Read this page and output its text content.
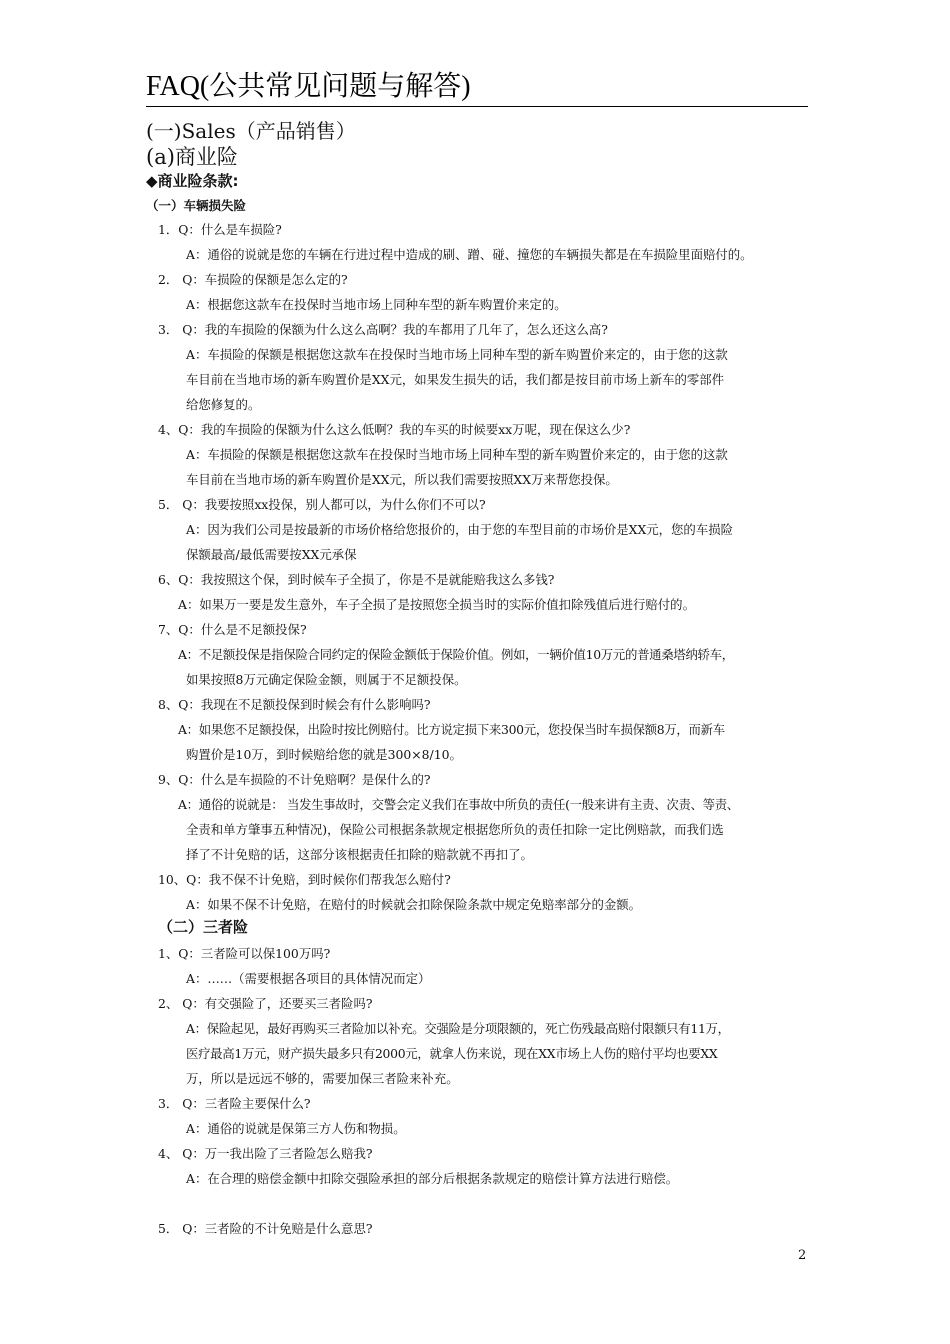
FAQ(公共常见问题与解答)
(一)Sales（产品销售）
(a)商业险
◆商业险条款:
（一）车辆损失险
1．Q：什么是车损险?
A：通俗的说就是您的车辆在行进过程中造成的刷、蹭、碰、撞您的车辆损失都是在车损险里面赔付的。
2． Q：车损险的保额是怎么定的?
A：根据您这款车在投保时当地市场上同种车型的新车购置价来定的。
3． Q：我的车损险的保额为什么这么高啊？我的车都用了几年了，怎么还这么高?
A：车损险的保额是根据您这款车在投保时当地市场上同种车型的新车购置价来定的，由于您的这款
车目前在当地市场的新车购置价是XX元，如果发生损失的话，我们都是按目前市场上新车的零部件
给您修复的。
4、Q：我的车损险的保额为什么这么低啊？我的车买的时候要xx万呢，现在保这么少?
A：车损险的保额是根据您这款车在投保时当地市场上同种车型的新车购置价来定的，由于您的这款
车目前在当地市场的新车购置价是XX元，所以我们需要按照XX万来帮您投保。
5． Q：我要按照xx投保，别人都可以，为什么你们不可以?
A：因为我们公司是按最新的市场价格给您报价的，由于您的车型目前的市场价是XX元，您的车损险
保额最高/最低需要按XX元承保
6、Q：我按照这个保，到时候车子全损了，你是不是就能赔我这么多钱?
A：如果万一要是发生意外，车子全损了是按照您全损当时的实际价值扣除残值后进行赔付的。
7、Q：什么是不足额投保?
A：不足额投保是指保险合同约定的保险金额低于保险价值。例如，一辆价值10万元的普通桑塔纳轿车，
如果按照8万元确定保险金额，则属于不足额投保。
8、Q：我现在不足额投保到时候会有什么影响吗?
A：如果您不足额投保，出险时按比例赔付。比方说定损下来300元，您投保当时车损保额8万，而新车
购置价是10万，到时候赔给您的就是300×8/10。
9、Q：什么是车损险的不计免赔啊？是保什么的?
A：通俗的说就是： 当发生事故时，交警会定义我们在事故中所负的责任(一般来讲有主责、次责、等责、
全责和单方肇事五种情况)，保险公司根据条款规定根据您所负的责任扣除一定比例赔款，而我们选
择了不计免赔的话，这部分该根据责任扣除的赔款就不再扣了。
10、Q：我不保不计免赔，到时候你们帮我怎么赔付?
A：如果不保不计免赔，在赔付的时候就会扣除保险条款中规定免赔率部分的金额。
（二）三者险
1、Q：三者险可以保100万吗?
A：……（需要根据各项目的具体情况而定）
2、 Q：有交强险了，还要买三者险吗?
A：保险起见，最好再购买三者险加以补充。交强险是分项限额的，死亡伤残最高赔付限额只有11万，
医疗最高1万元，财产损失最多只有2000元，就拿人伤来说，现在XX市场上人伤的赔付平均也要XX
万，所以是远远不够的，需要加保三者险来补充。
3． Q：三者险主要保什么?
A：通俗的说就是保第三方人伤和物损。
4、 Q：万一我出险了三者险怎么赔我?
A：在合理的赔偿金额中扣除交强险承担的部分后根据条款规定的赔偿计算方法进行赔偿。
5． Q：三者险的不计免赔是什么意思?
2
